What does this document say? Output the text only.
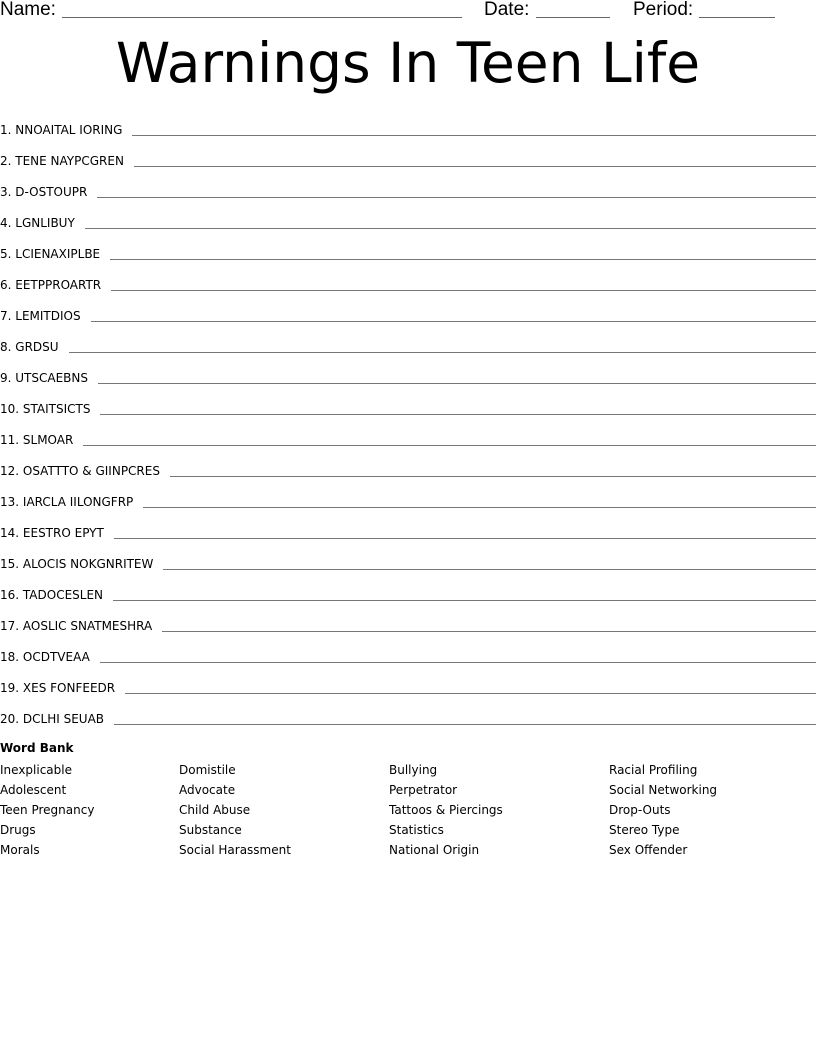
Name:	Date:	Period:
Warnings In Teen Life
1. NNOAITAL IORING
2. TENE NAYPCGREN
3. D-OSTOUPR
4. LGNLIBUY
5. LCIENAXIPLBE
6. EETPPROARTR
7. LEMITDIOS
8. GRDSU
9. UTSCAEBNS
10. STAITSICTS
11. SLMOAR
12. OSATTTO & GIINPCRES
13. IARCLA IILONGFRP
14. EESTRO EPYT
15. ALOCIS NOKGNRITEW
16. TADOCESLEN
17. AOSLIC SNATMESHRA
18. OCDTVEAA
19. XES FONFEEDR
20. DCLHI SEUAB
Word Bank
Inexplicable
Adolescent
Teen Pregnancy
Drugs
Morals
Domistile
Advocate
Child Abuse
Substance
Social Harassment
Bullying
Perpetrator
Tattoos & Piercings
Statistics
National Origin
Racial Profiling
Social Networking
Drop-Outs
Stereo Type
Sex Offender
